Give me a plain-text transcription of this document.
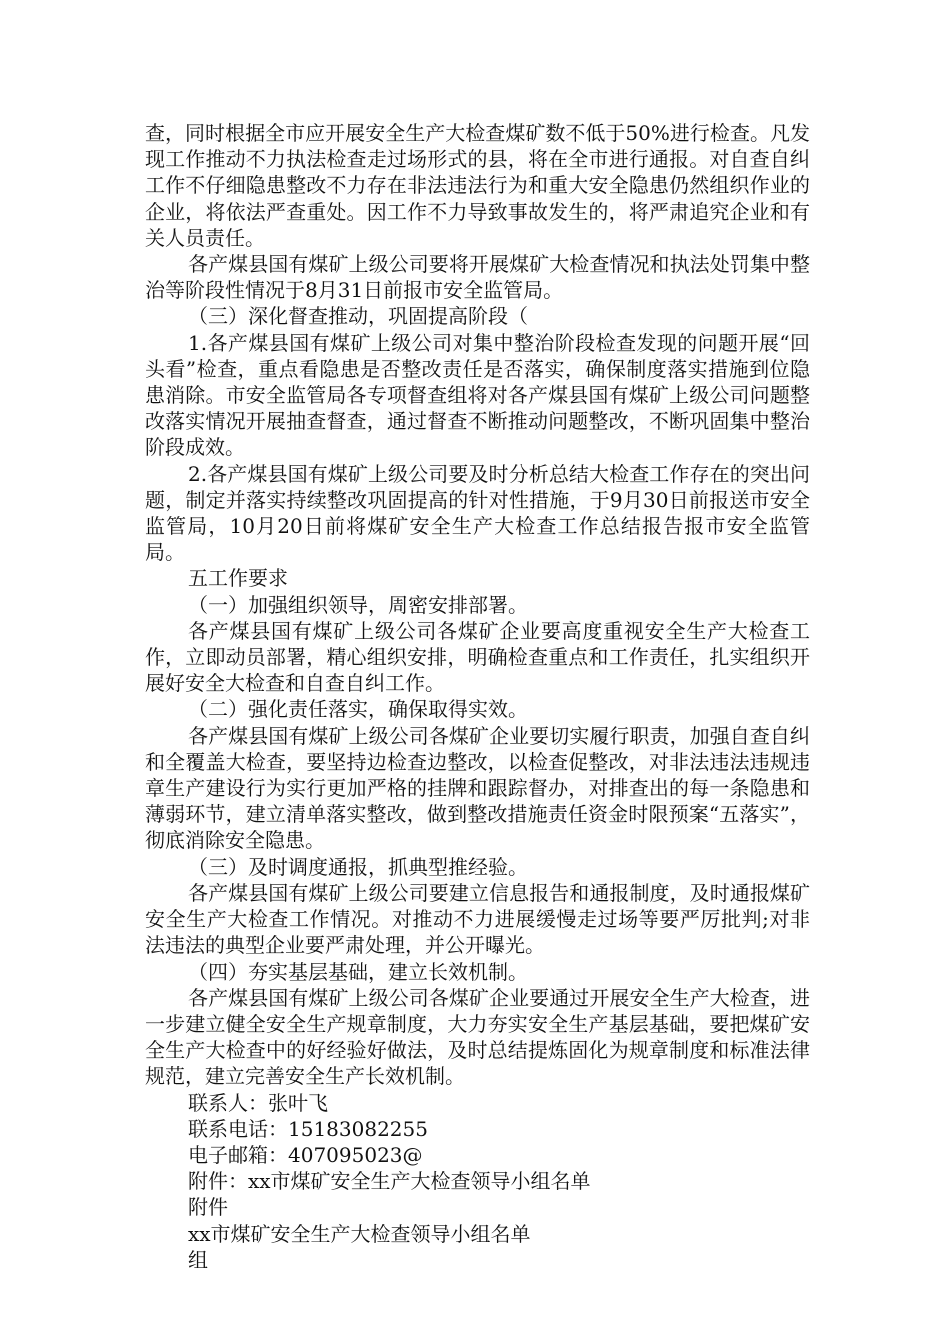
查，同时根据全市应开展安全生产大检查煤矿数不低于50%进行检查。凡发现工作推动不力执法检查走过场形式的县，将在全市进行通报。对自查自纠工作不仔细隐患整改不力存在非法违法行为和重大安全隐患仍然组织作业的企业，将依法严查重处。因工作不力导致事故发生的，将严肃追究企业和有关人员责任。

各产煤县国有煤矿上级公司要将开展煤矿大检查情况和执法处罚集中整治等阶段性情况于8月31日前报市安全监管局。

（三）深化督查推动，巩固提高阶段（

1.各产煤县国有煤矿上级公司对集中整治阶段检查发现的问题开展“回头看”检查，重点看隐患是否整改责任是否落实，确保制度落实措施到位隐患消除。市安全监管局各专项督查组将对各产煤县国有煤矿上级公司问题整改落实情况开展抽查督查，通过督查不断推动问题整改，不断巩固集中整治阶段成效。

2.各产煤县国有煤矿上级公司要及时分析总结大检查工作存在的突出问题，制定并落实持续整改巩固提高的针对性措施，于9月30日前报送市安全监管局，10月20日前将煤矿安全生产大检查工作总结报告报市安全监管局。

五工作要求

（一）加强组织领导，周密安排部署。

各产煤县国有煤矿上级公司各煤矿企业要高度重视安全生产大检查工作，立即动员部署，精心组织安排，明确检查重点和工作责任，扎实组织开展好安全大检查和自查自纠工作。

（二）强化责任落实，确保取得实效。

各产煤县国有煤矿上级公司各煤矿企业要切实履行职责，加强自查自纠和全覆盖大检查，要坚持边检查边整改，以检查促整改，对非法违法违规违章生产建设行为实行更加严格的挂牌和跟踪督办，对排查出的每一条隐患和薄弱环节，建立清单落实整改，做到整改措施责任资金时限预案“五落实”，彻底消除安全隐患。

（三）及时调度通报，抓典型推经验。

各产煤县国有煤矿上级公司要建立信息报告和通报制度，及时通报煤矿安全生产大检查工作情况。对推动不力进展缓慢走过场等要严厉批判;对非法违法的典型企业要严肃处理，并公开曝光。

（四）夯实基层基础，建立长效机制。

各产煤县国有煤矿上级公司各煤矿企业要通过开展安全生产大检查，进一步建立健全安全生产规章制度，大力夯实安全生产基层基础，要把煤矿安全生产大检查中的好经验好做法，及时总结提炼固化为规章制度和标准法律规范，建立完善安全生产长效机制。

联系人：张叶飞

联系电话：15183082255

电子邮箱：407095023@

附件：xx市煤矿安全生产大检查领导小组名单

附件

xx市煤矿安全生产大检查领导小组名单

组
